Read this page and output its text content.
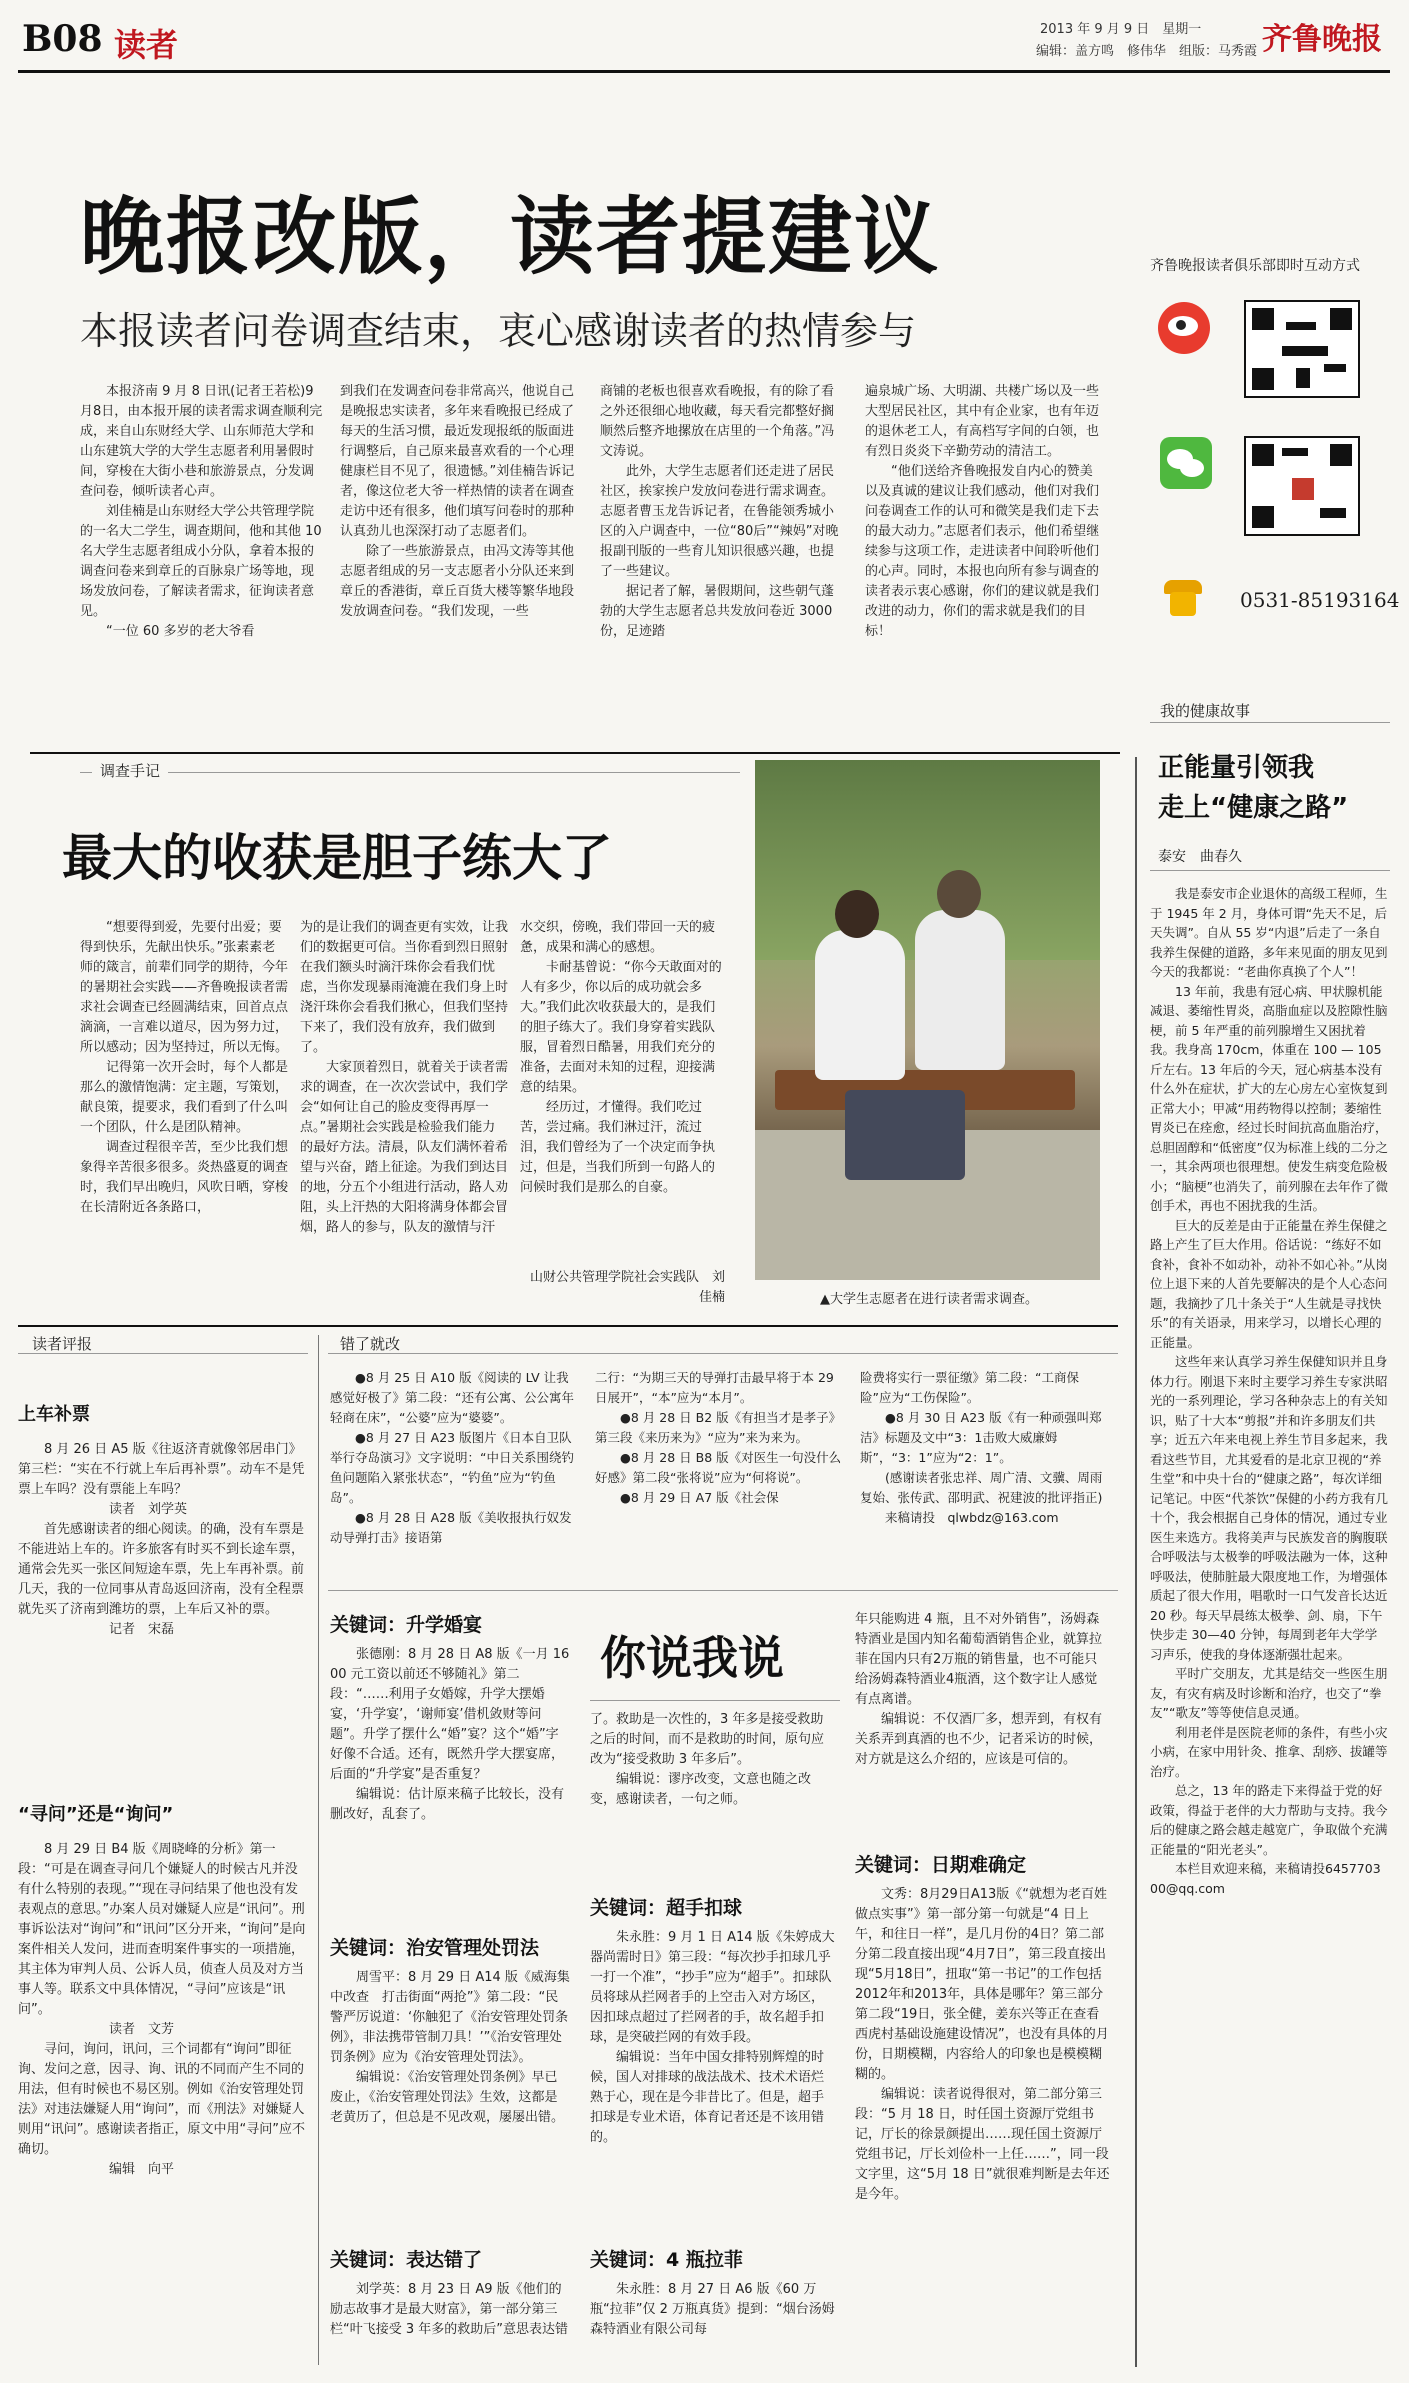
B08 读者	2013 年 9 月 9 日　星期一
编辑：盖方鸣　修伟华　组版：马秀霞 齐鲁晚报
晚报改版，读者提建议
本报读者问卷调查结束，衷心感谢读者的热情参与
　　本报济南 9 月 8 日讯(记者王若松)9月8日，由本报开展的读者需求调查顺利完成，来自山东财经大学、山东师范大学和山东建筑大学的大学生志愿者利用暑假时间，穿梭在大街小巷和旅游景点，分发调查问卷，倾听读者心声。
　　刘佳楠是山东财经大学公共管理学院的一名大二学生，调查期间，他和其他 10 名大学生志愿者组成小分队，拿着本报的调查问卷来到章丘的百脉泉广场等地，现场发放问卷，了解读者需求，征询读者意见。
　　“一位 60 多岁的老大爷看
到我们在发调查问卷非常高兴，他说自己是晚报忠实读者，多年来看晚报已经成了每天的生活习惯，最近发现报纸的版面进行调整后，自己原来最喜欢看的一个心理健康栏目不见了，很遗憾。”刘佳楠告诉记者，像这位老大爷一样热情的读者在调查走访中还有很多，他们填写问卷时的那种认真劲儿也深深打动了志愿者们。
　　除了一些旅游景点，由冯文涛等其他志愿者组成的另一支志愿者小分队还来到章丘的香港街，章丘百货大楼等繁华地段发放调查问卷。“我们发现，一些
商铺的老板也很喜欢看晚报，有的除了看之外还很细心地收藏，每天看完都整好搁顺然后整齐地摞放在店里的一个角落。”冯文涛说。
　　此外，大学生志愿者们还走进了居民社区，挨家挨户发放问卷进行需求调查。志愿者曹玉龙告诉记者，在鲁能领秀城小区的入户调查中，一位“80后”“辣妈”对晚报副刊版的一些育儿知识很感兴趣，也提了一些建议。
　　据记者了解，暑假期间，这些朝气蓬勃的大学生志愿者总共发放问卷近 3000 份，足迹踏
遍泉城广场、大明湖、共楼广场以及一些大型居民社区，其中有企业家，也有年迈的退休老工人，有高档写字间的白领，也有烈日炎炎下辛勤劳动的清洁工。
　　“他们送给齐鲁晚报发自内心的赞美以及真诚的建议让我们感动，他们对我们问卷调查工作的认可和微笑是我们走下去的最大动力。”志愿者们表示，他们希望继续参与这项工作，走进读者中间聆听他们的心声。同时，本报也向所有参与调查的读者表示衷心感谢，你们的建议就是我们改进的动力，你们的需求就是我们的目标！
齐鲁晚报读者俱乐部即时互动方式
0531-85193164
调查手记
最大的收获是胆子练大了
　　“想要得到爱，先要付出爱；要得到快乐，先献出快乐。”张素素老师的箴言，前辈们同学的期待，今年的暑期社会实践——齐鲁晚报读者需求社会调查已经圆满结束，回首点点滴滴，一言难以道尽，因为努力过，所以感动；因为坚持过，所以无悔。
　　记得第一次开会时，每个人都是那么的激情饱满：定主题，写策划，献良策，提要求，我们看到了什么叫一个团队，什么是团队精神。
　　调查过程很辛苦，至少比我们想象得辛苦很多很多。炎热盛夏的调查时，我们早出晚归，风吹日晒，穿梭在长清附近各条路口，
为的是让我们的调查更有实效，让我们的数据更可信。当你看到烈日照射在我们额头时滴汗珠你会看我们忧虑，当你发现暴雨淹漉在我们身上时浇汗珠你会看我们揪心，但我们坚持下来了，我们没有放弃，我们做到了。
　　大家顶着烈日，就着关于读者需求的调查，在一次次尝试中，我们学会“如何让自己的脸皮变得再厚一点。”暑期社会实践是检验我们能力的最好方法。清晨，队友们满怀着希望与兴奋，踏上征途。为我们到达目的地，分五个小组进行活动，路人劝阻，头上汗热的大阳将满身体都会冒烟，路人的参与，队友的激情与汗
水交织，傍晚，我们带回一天的疲惫，成果和满心的感想。
　　卡耐基曾说：“你今天敢面对的人有多少，你以后的成功就会多大。”我们此次收获最大的，是我们的胆子练大了。我们身穿着实践队服，冒着烈日酷暑，用我们充分的准备，去面对未知的过程，迎接满意的结果。
　　经历过，才懂得。我们吃过苦，尝过痛。我们淋过汗，流过泪，我们曾经为了一个决定而争执过，但是，当我们所到一句路人的问候时我们是那么的自豪。
山财公共管理学院社会实践队　刘佳楠	▲大学生志愿者在进行读者需求调查。
我的健康故事
正能量引领我
走上“健康之路”
泰安　曲春久
　　我是泰安市企业退休的高级工程师，生于 1945 年 2 月，身体可谓“先天不足，后天失调”。自从 55 岁“内退”后走了一条自我养生保健的道路，多年来见面的朋友见到今天的我都说：“老曲你真换了个人”！
　　13 年前，我患有冠心病、甲状腺机能减退、萎缩性胃炎，高脂血症以及腔隙性脑梗，前 5 年严重的前列腺增生又困扰着我。我身高 170cm，体重在 100 — 105 斤左右。13 年后的今天，冠心病基本没有什么外在症状，扩大的左心房左心室恢复到正常大小；甲减“用药物得以控制；萎缩性胃炎已在痊愈，经过长时间抗高血脂治疗，总胆固醇和“低密度”仅为标准上线的二分之一，其余两项也很理想。使发生病变危险极小；“脑梗”也消失了，前列腺在去年作了微创手术，再也不困扰我的生活。
　　巨大的反差是由于正能量在养生保健之路上产生了巨大作用。俗话说：“练好不如食补，食补不如动补，动补不如心补。”从岗位上退下来的人首先要解决的是个人心态问题，我摘抄了几十条关于“人生就是寻找快乐”的有关语录，用来学习，以增长心理的正能量。
　　这些年来认真学习养生保健知识并且身体力行。刚退下来时主要学习养生专家洪昭光的一系列理论，学习各种杂志上的有关知识，贴了十大本“剪报”并和许多朋友们共享；近五六年来电视上养生节目多起来，我看这些节目，尤其爱看的是北京卫视的“养生堂”和中央十台的“健康之路”，每次详细记笔记。中医“代茶饮”保健的小药方我有几十个，我会根据自己身体的情况，通过专业医生来选方。我将美声与民族发音的胸腹联合呼吸法与太极拳的呼吸法融为一体，这种呼吸法，使肺脏最大限度地工作，为增强体质起了很大作用，唱歌时一口气发音长达近 20 秒。每天早晨练太极拳、剑、扇，下午快步走 30—40 分钟，每周到老年大学学习声乐，使我的身体逐渐强壮起来。
　　平时广交朋友，尤其是结交一些医生朋友，有灾有病及时诊断和治疗，也交了“拳友”“歌友”等等使信息灵通。
　　利用老伴是医院老师的条件，有些小灾小病，在家中用针灸、推拿、刮痧、拔罐等治疗。
　　总之，13 年的路走下来得益于党的好政策，得益于老伴的大力帮助与支持。我今后的健康之路会越走越宽广，争取做个充满正能量的“阳光老头”。
　　本栏目欢迎来稿，来稿请投645770300@qq.com
读者评报
上车补票
　　8 月 26 日 A5 版《往返济青就像邻居串门》第三栏：“实在不行就上车后再补票”。动车不是凭票上车吗？没有票能上车吗？
　　　　　　　读者　刘学英
　　首先感谢读者的细心阅读。的确，没有车票是不能进站上车的。许多旅客有时买不到长途车票，通常会先买一张区间短途车票，先上车再补票。前几天，我的一位同事从青岛返回济南，没有全程票就先买了济南到潍坊的票，上车后又补的票。
　　　　　　　记者　宋磊
“寻问”还是“询问”
　　8 月 29 日 B4 版《周晓峰的分析》第一段：“可是在调查寻问几个嫌疑人的时候古凡并没有什么特别的表现。”“现在寻问结果了他也没有发表观点的意思。”办案人员对嫌疑人应是“讯问”。刑事诉讼法对“询问”和“讯问”区分开来，“询问”是向案件相关人发问，进而查明案件事实的一项措施，其主体为审判人员、公诉人员，侦查人员及对方当事人等。联系文中具体情况，“寻问”应该是“讯问”。
　　　　　　　读者　文芳
　　寻问，询问，讯问，三个词都有“询问”即征询、发问之意，因寻、询、讯的不同而产生不同的用法，但有时候也不易区别。例如《治安管理处罚法》对违法嫌疑人用“询问”，而《刑法》对嫌疑人则用“讯问”。感谢读者指正，原文中用“寻问”应不确切。
　　　　　　　编辑　向平
错了就改
　　●8 月 25 日 A10 版《阅读的 LV 让我感觉好极了》第二段：“还有公寓、公公寓年轻商在床”，“公婆”应为“婆婆”。
　　●8 月 27 日 A23 版图片《日本自卫队举行夺岛演习》文字说明：“中日关系围绕钓鱼问题陷入紧张状态”，“钓鱼”应为“钓鱼岛”。
　　●8 月 28 日 A28 版《美收报执行奴发动导弹打击》接语第
二行：“为期三天的导弹打击最早将于本 29 日展开”，“本”应为“本月”。
　　●8 月 28 日 B2 版《有担当才是孝子》第三段《来历来为》“应为”来为来为。
　　●8 月 28 日 B8 版《对医生一句没什么好感》第二段“张将说”应为“何将说”。
　　●8 月 29 日 A7 版《社会保
险费将实行一票征缴》第二段：“工商保险”应为“工伤保险”。
　　●8 月 30 日 A23 版《有一种顽强叫郑洁》标题及文中“3：1击败大威廉姆斯”，“3：1”应为“2：1”。
　　(感谢读者张忠祥、周广清、文骥、周雨复始、张传武、邵明武、祝建波的批评指正)
　　来稿请投　qlwbdz@163.com
关键词：升学婚宴
　　张德刚：8 月 28 日 A8 版《一月 1600 元工资以前还不够随礼》第二段：“……利用子女婚嫁，升学大摆婚宴，‘升学宴’，‘谢师宴’借机敛财等问题”。升学了摆什么“婚”宴？这个“婚”字好像不合适。还有，既然升学大摆宴席，后面的“升学宴”是否重复？
　　编辑说：估计原来稿子比较长，没有删改好，乱套了。
关键词：治安管理处罚法
　　周雪平：8 月 29 日 A14 版《威海集中改查　打击街面“两抢”》第二段：“民警严厉说道：‘你触犯了《治安管理处罚条例》，非法携带管制刀具！’”《治安管理处罚条例》应为《治安管理处罚法》。
　　编辑说：《治安管理处罚条例》早已废止，《治安管理处罚法》生效，这都是老黄历了，但总是不见改观，屡屡出错。
关键词：表达错了
　　刘学英：8 月 23 日 A9 版《他们的励志故事才是最大财富》，第一部分第三栏“叶飞接受 3 年多的救助后”意思表达错
你说我说
了。救助是一次性的，3 年多是接受救助之后的时间，而不是救助的时间，原句应改为“接受救助 3 年多后”。
　　编辑说：谬序改变，文意也随之改变，感谢读者，一句之师。
关键词：超手扣球
　　朱永胜：9 月 1 日 A14 版《朱婷成大器尚需时日》第三段：“每次抄手扣球几乎一打一个准”，“抄手”应为“超手”。扣球队员将球从拦网者手的上空击入对方场区，因扣球点超过了拦网者的手，故名超手扣球，是突破拦网的有效手段。
　　编辑说：当年中国女排特别辉煌的时候，国人对排球的战法战术、技术术语烂熟于心，现在是今非昔比了。但是，超手扣球是专业术语，体育记者还是不该用错的。
关键词：4 瓶拉菲
　　朱永胜：8 月 27 日 A6 版《60 万瓶“拉菲”仅 2 万瓶真货》提到：“烟台汤姆森特酒业有限公司每
年只能购进 4 瓶，且不对外销售”，汤姆森特酒业是国内知名葡萄酒销售企业，就算拉菲在国内只有2万瓶的销售量，也不可能只给汤姆森特酒业4瓶酒，这个数字让人感觉有点离谱。
　　编辑说：不仅酒厂多，想弄到，有权有关系弄到真酒的也不少，记者采访的时候，对方就是这么介绍的，应该是可信的。
关键词：日期难确定
　　文秀：8月29日A13版《“就想为老百姓做点实事”》第一部分第一句就是“4 日上午，和往日一样”，是几月份的4日？第二部分第二段直接出现“4月7日”，第三段直接出现“5月18日”，扭取“第一书记”的工作包括2012年和2013年，具体是哪年？第三部分第二段“19日，张全健，姜东兴等正在查看西虎村基础设施建设情况”，也没有具体的月份，日期模糊，内容给人的印象也是模模糊糊的。
　　编辑说：读者说得很对，第二部分第三段：“5 月 18 日，时任国土资源厅党组书记，厅长的徐景颜提出……现任国土资源厅党组书记，厅长刘俭朴一上任……”，同一段文字里，这“5月 18 日”就很难判断是去年还是今年。
